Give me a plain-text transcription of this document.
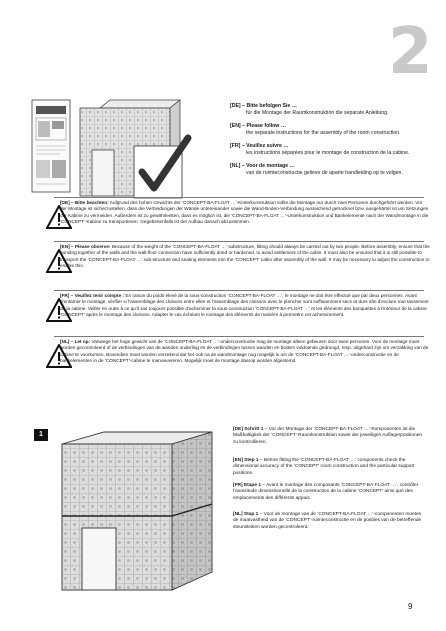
2
[DE] – Bitte befolgen Sie …
für die Montage der Raumkonstruktion die separate Anleitung.
[EN] – Please follow …
the separate instructions for the assembly of the room construction.
[FR] – Veuillez suivre …
les instructions séparées pour le montage de construction de la cabine.
[NL] – Voor de montage …
van de ruimteconstructie gelieve de aparte handleiding op te volgen.
[DE] – Bitte beachten: Aufgrund des hohen Gewichts der ‘CONCEPT-BA-FLOAT …’-Kinterkonstruktion sollte die Montage nur durch zwei Personen durchgeführt werden. Vor der Montage ist sicherzustellen, dass die Verbindungen der Wände untereinander sowie die Wand-Boden-Verbindung ausreichend getrocknet bzw. ausgehärtet ist um Setzungen der Kabine zu vermeiden. Außerdem ist zu gewährleisten, dass es möglich ist, die ‘CONCEPT-BA-FLOAT …’-Unterkonstruktion und Bankelemente nach der Wandmontage in die ‘CONCEPT’-Kabine zu transportieren. Gegebenenfalls ist der Aufbau danach abzustimmen.
[EN] – Please observe: Because of the weight of the ‘CONCEPT-BA-FLOAT …’ substructure, fitting should always be carried out by two people. Before assembly, ensure that the bonding together of the walls and the wall-floor connection have sufficiently dried or hardened, to avoid settlement of the cabin. It must also be ensured that it is still possible to transport the ‘CONCEPT-BA-FLOAT …’ sub-structure and seating elements into the ‘CONCEPT’ cabin after assembly of the wall. It may be necessary to adjust the construction to enable this.
[FR] – Veuillez tenir compte : En raison du poids élevé de la sous-construction ‘CONCEPT-BA-FLOAT …’, le montage ne doit être effectué que par deux personnes. Avant d’entamer le montage, vérifier si l’assemblage des cloisons entre elles et l’assemblage des cloisons avec le plancher sont suffisamment secs et durs afin d’exclure tout tassement de la cabine. Veiller en outre à ce qu’il soit toujours possible d’acheminer la sous-construction ‘CONCEPT-BA-FLOAT …’ et les éléments des banquettes à l’intérieur de la cabine ‘CONCEPT’ après le montage des cloisons. Adapter le cas échéant le montage des éléments de manière à permettre cet acheminement.
[NL] – Let op: Vanwege het hoge gewicht van de ‘CONCEPT-BA-FLOAT …’-onderconstructie mag de montage alleen gebeuren door twee personen. Voor de montage moet worden gecontroleerd of de verbindingen van de wanden onderling en de verbindingen tussen wanden en bodem voldoende gedroogd, resp. uitgehard zijn om verzakking van de cabine te voorkomen. Bovendien moet worden verzekerd dat het ook na de wandmontage nog mogelijk is om de ‘CONCEPT-BA-FLOAT …’-onderconstructie en de bankelementen in de ‘CONCEPT’-cabine te manoeuvreren. Mogelijk moet de montage daarop worden afgestemd.
1
[DE] Schritt 1 – Vor der Montage der ‘CONCEPT-BA-FLOAT …’-Komponenten ist die Maßhaltigkeit der ‘CONCEPT’-Raumkonstruktion sowie der jeweiligen Auflagerpositionen zu kontrollieren.
[EN] Step 1 – Before fitting the ‘CONCEPT-BA-FLOAT …’ components check the dimensional accuracy of the ‘CONCEPT’ room construction and the particular support positions.
[FR] Etape 1 – Avant le montage des composants ‘CONCEPT-BA-FLOAT …’, contrôler l’exactitude dimensionnelle de la construction de la cabine ‘CONCEPT’ ainsi que des emplacements des différents appuis.
[NL] Stap 1 – Voor de montage van de ‘CONCEPT-BA-FLOAT …’-componenten moeten de maatvastheid van de ‘CONCEPT’-ruimteconstructie en de posities van de betreffende steunsleiken worden gecontroleerd.
9
